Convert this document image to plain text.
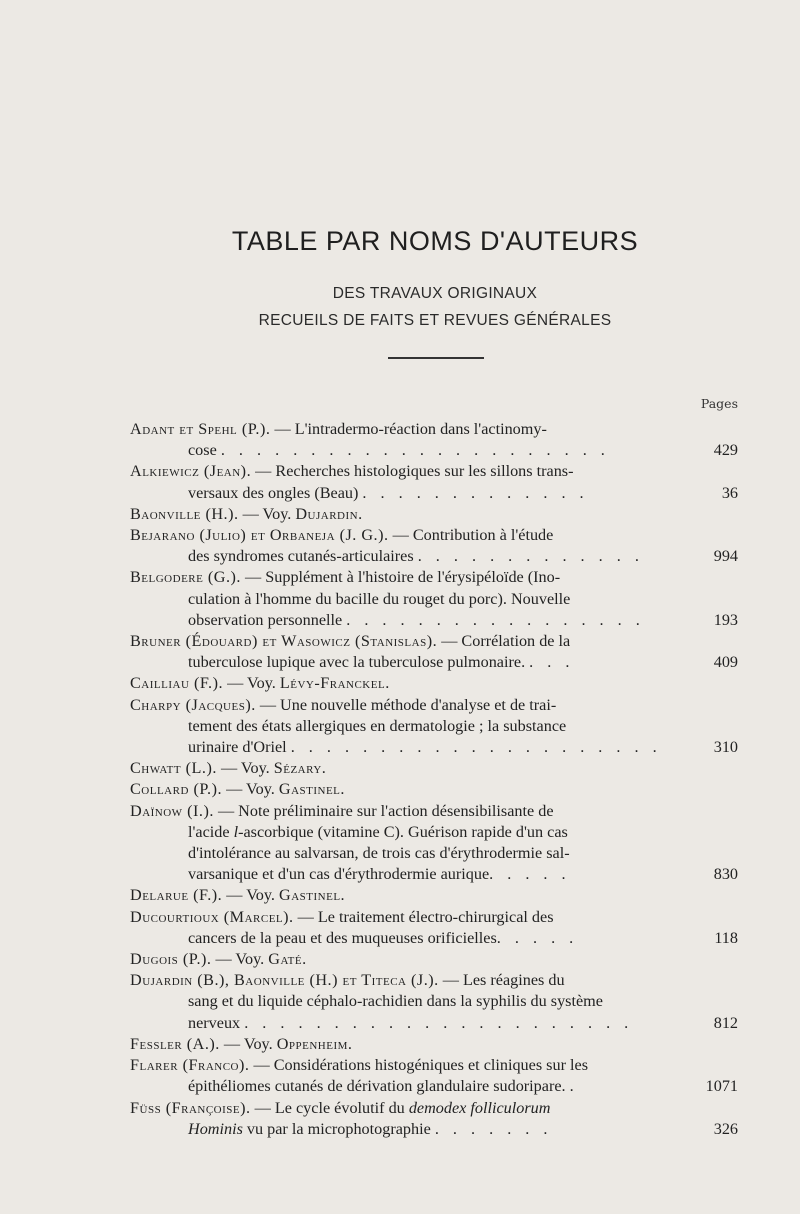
TABLE PAR NOMS D'AUTEURS
DES TRAVAUX ORIGINAUX
RECUEILS DE FAITS ET REVUES GÉNÉRALES
Pages
Adant et Spehl (P.). — L'intradermo-réaction dans l'actinomy-
cose . . . . . . . . . . . . . . . . . . . . . .	429
Alkiewicz (Jean). — Recherches histologiques sur les sillons trans-
versaux des ongles (Beau) . . . . . . . . . . . . .	36
Baonville (H.). — Voy. Dujardin.
Bejarano (Julio) et Orbaneja (J. G.). — Contribution à l'étude
des syndromes cutanés-articulaires . . . . . . . . . . . . .	994
Belgodere (G.). — Supplément à l'histoire de l'érysipéloïde (Ino-
culation à l'homme du bacille du rouget du porc). Nouvelle
observation personnelle . . . . . . . . . . . . . . . . .	193
Bruner (Édouard) et Wasowicz (Stanislas). — Corrélation de la
tuberculose lupique avec la tuberculose pulmonaire. . . .	409
Cailliau (F.). — Voy. Lévy-Franckel.
Charpy (Jacques). — Une nouvelle méthode d'analyse et de trai-
tement des états allergiques en dermatologie ; la substance
urinaire d'Oriel . . . . . . . . . . . . . . . . . . . . .	310
Chwatt (L.). — Voy. Sézary.
Collard (P.). — Voy. Gastinel.
Daïnow (I.). — Note préliminaire sur l'action désensibilisante de
l'acide l-ascorbique (vitamine C). Guérison rapide d'un cas
d'intolérance au salvarsan, de trois cas d'érythrodermie sal-
varsanique et d'un cas d'érythrodermie aurique. . . . .	830
Delarue (F.). — Voy. Gastinel.
Ducourtioux (Marcel). — Le traitement électro-chirurgical des
cancers de la peau et des muqueuses orificielles. . . . .	118
Dugois (P.). — Voy. Gaté.
Dujardin (B.), Baonville (H.) et Titeca (J.). — Les réagines du
sang et du liquide céphalo-rachidien dans la syphilis du système
nerveux . . . . . . . . . . . . . . . . . . . . . .	812
Fessler (A.). — Voy. Oppenheim.
Flarer (Franco). — Considérations histogéniques et cliniques sur les
épithéliomes cutanés de dérivation glandulaire sudoripare. .	1071
Füss (Françoise). — Le cycle évolutif du demodex folliculorum
Hominis vu par la microphotographie . . . . . . .	326
